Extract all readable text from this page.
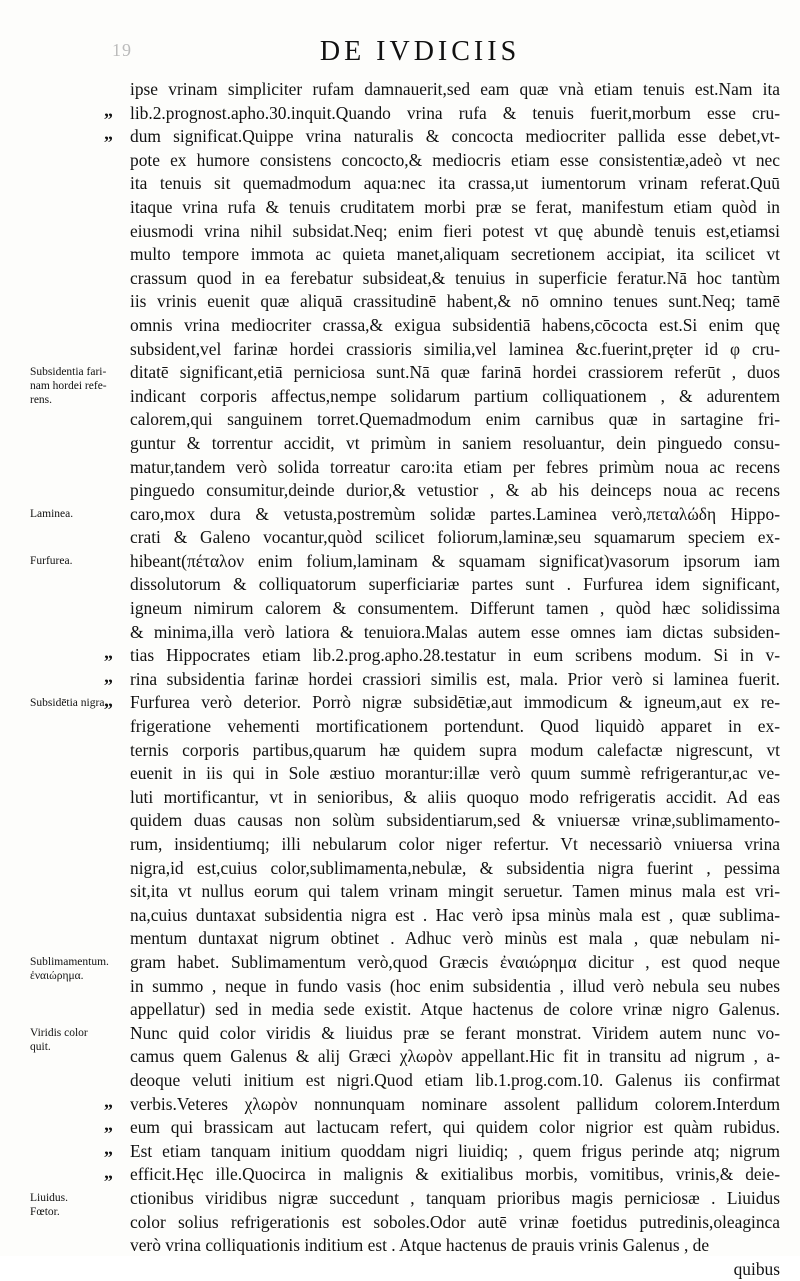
19	DE IVDICIIS
„
„
„
„
„
„
„
„
„
Subsidentia fari-
nam hordei refe-
rens.
Laminea.
Furfurea.
Subsidētia nigra.
Sublimamentum.
ἐναιώρημα.
Viridis color
quit.
Liuidus.
Fœtor.
ipse vrinam simpliciter rufam damnauerit,sed eam quæ vnà etiam tenuis est.Nam ita
lib.2.prognost.apho.30.inquit.Quando vrina rufa & tenuis fuerit,morbum esse cru-
dum significat.Quippe vrina naturalis & concocta mediocriter pallida esse debet,vt-
pote ex humore consistens concocto,& mediocris etiam esse consistentiæ,adeò vt nec
ita tenuis sit quemadmodum aqua:nec ita crassa,ut iumentorum vrinam referat.Quū
itaque vrina rufa & tenuis cruditatem morbi præ se ferat, manifestum etiam quòd in
eiusmodi vrina nihil subsidat.Neq; enim fieri potest vt quę abundè tenuis est,etiamsi
multo tempore immota ac quieta manet,aliquam secretionem accipiat, ita scilicet vt
crassum quod in ea ferebatur subsideat,& tenuius in superficie feratur.Nā hoc tantùm
iis vrinis euenit quæ aliquā crassitudinē habent,& nō omnino tenues sunt.Neq; tamē
omnis vrina mediocriter crassa,& exigua subsidentiā habens,cōcocta est.Si enim quę
subsident,vel farinæ hordei crassioris similia,vel laminea &c.fuerint,pręter id φ cru-
ditatē significant,etiā perniciosa sunt.Nā quæ farinā hordei crassiorem referūt , duos
indicant corporis affectus,nempe solidarum partium colliquationem , & adurentem
calorem,qui sanguinem torret.Quemadmodum enim carnibus quæ in sartagine fri-
guntur & torrentur accidit, vt primùm in saniem resoluantur, dein pinguedo consu-
matur,tandem verò solida torreatur caro:ita etiam per febres primùm noua ac recens
pinguedo consumitur,deinde durior,& vetustior , & ab his deinceps noua ac recens
caro,mox dura & vetusta,postremùm solidæ partes.Laminea verò,πεταλώδη Hippo-
crati & Galeno vocantur,quòd scilicet foliorum,laminæ,seu squamarum speciem ex-
hibeant(πέταλον enim folium,laminam & squamam significat)vasorum ipsorum iam
dissolutorum & colliquatorum superficiariæ partes sunt . Furfurea idem significant,
igneum nimirum calorem & consumentem. Differunt tamen , quòd hæc solidissima
& minima,illa verò latiora & tenuiora.Malas autem esse omnes iam dictas subsiden-
tias Hippocrates etiam lib.2.prog.apho.28.testatur in eum scribens modum. Si in v-
rina subsidentia farinæ hordei crassiori similis est, mala. Prior verò si laminea fuerit.
Furfurea verò deterior. Porrò nigræ subsidētiæ,aut immodicum & igneum,aut ex re-
frigeratione vehementi mortificationem portendunt. Quod liquidò apparet in ex-
ternis corporis partibus,quarum hæ quidem supra modum calefactæ nigrescunt, vt
euenit in iis qui in Sole æstiuo morantur:illæ verò quum summè refrigerantur,ac ve-
luti mortificantur, vt in senioribus, & aliis quoquo modo refrigeratis accidit. Ad eas
quidem duas causas non solùm subsidentiarum,sed & vniuersæ vrinæ,sublimamento-
rum, insidentiumq; illi nebularum color niger refertur. Vt necessariò vniuersa vrina
nigra,id est,cuius color,sublimamenta,nebulæ, & subsidentia nigra fuerint , pessima
sit,ita vt nullus eorum qui talem vrinam mingit seruetur. Tamen minus mala est vri-
na,cuius duntaxat subsidentia nigra est . Hac verò ipsa minùs mala est , quæ sublima-
mentum duntaxat nigrum obtinet . Adhuc verò minùs est mala , quæ nebulam ni-
gram habet. Sublimamentum verò,quod Græcis ἐναιώρημα dicitur , est quod neque
in summo , neque in fundo vasis (hoc enim subsidentia , illud verò nebula seu nubes
appellatur) sed in media sede existit. Atque hactenus de colore vrinæ nigro Galenus.
Nunc quid color viridis & liuidus præ se ferant monstrat. Viridem autem nunc vo-
camus quem Galenus & alij Græci χλωρὸν appellant.Hic fit in transitu ad nigrum , a-
deoque veluti initium est nigri.Quod etiam lib.1.prog.com.10. Galenus iis confirmat
verbis.Veteres χλωρὸν nonnunquam nominare assolent pallidum colorem.Interdum
eum qui brassicam aut lactucam refert, qui quidem color nigrior est quàm rubidus.
Est etiam tanquam initium quoddam nigri liuidiq; , quem frigus perinde atq; nigrum
efficit.Hęc ille.Quocirca in malignis & exitialibus morbis, vomitibus, vrinis,& deie-
ctionibus viridibus nigræ succedunt , tanquam prioribus magis perniciosæ . Liuidus
color solius refrigerationis est soboles.Odor autē vrinæ foetidus putredinis,oleaginca
verò vrina colliquationis inditium est . Atque hactenus de prauis vrinis Galenus , de
quibus
